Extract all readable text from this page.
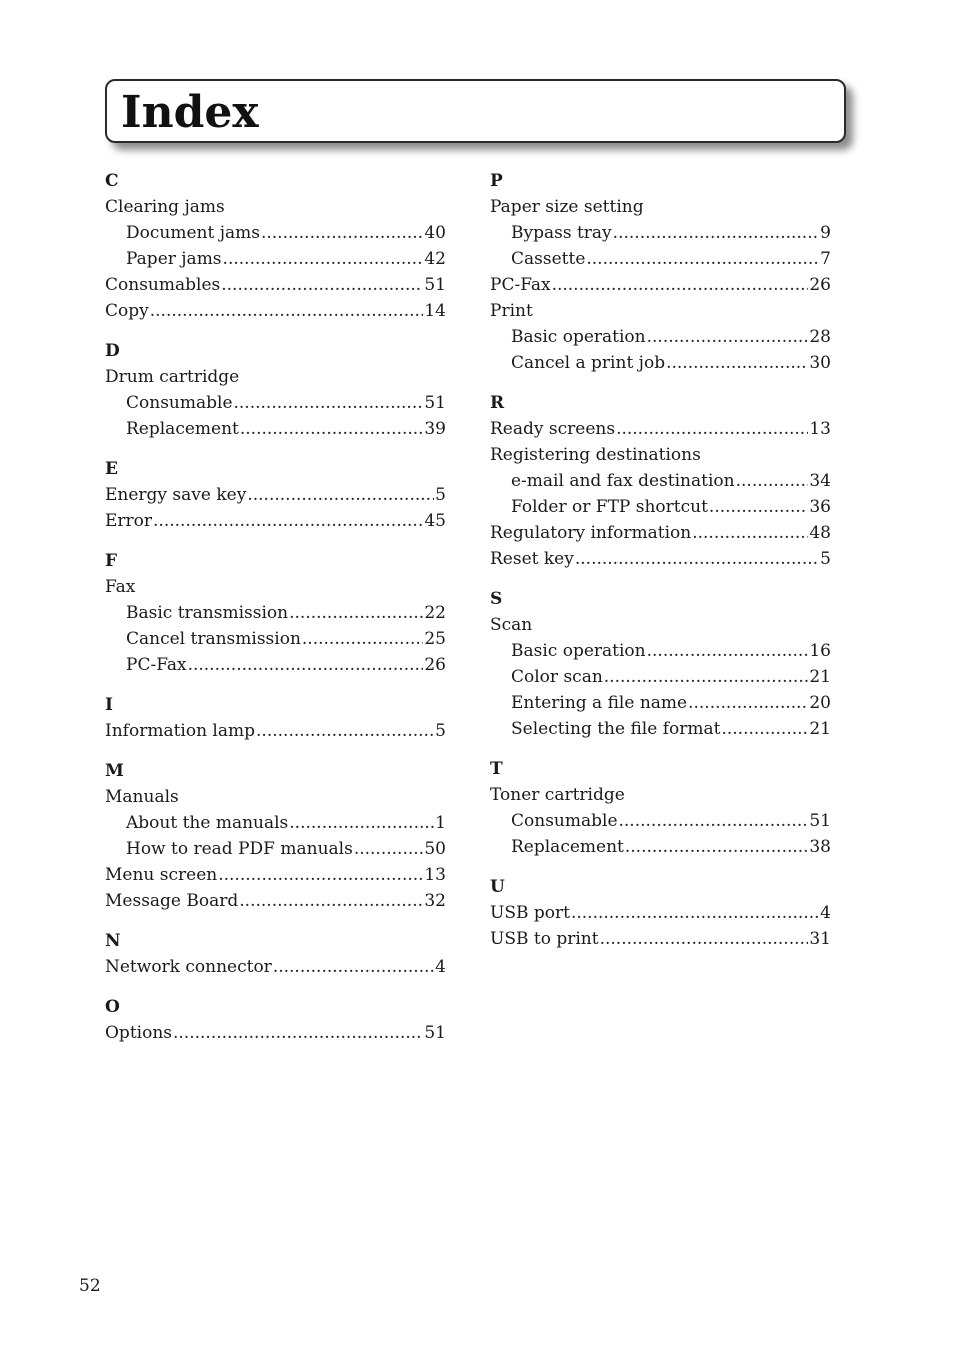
Index
C
Clearing jams
Document jams .....	40
Paper jams .....	42
Consumables .....	51
Copy .....	14
D
Drum cartridge
Consumable .....	51
Replacement .....	39
E
Energy save key .....	5
Error .....	45
F
Fax
Basic transmission .....	22
Cancel transmission .....	25
PC-Fax .....	26
I
Information lamp .....	5
M
Manuals
About the manuals .....	1
How to read PDF manuals .....	50
Menu screen .....	13
Message Board .....	32
N
Network connector .....	4
O
Options .....	51
P
Paper size setting
Bypass tray .....	9
Cassette .....	7
PC-Fax .....	26
Print
Basic operation .....	28
Cancel a print job .....	30
R
Ready screens .....	13
Registering destinations
e-mail and fax destination .....	34
Folder or FTP shortcut .....	36
Regulatory information .....	48
Reset key .....	5
S
Scan
Basic operation .....	16
Color scan .....	21
Entering a file name .....	20
Selecting the file format .....	21
T
Toner cartridge
Consumable .....	51
Replacement .....	38
U
USB port .....	4
USB to print .....	31
52
